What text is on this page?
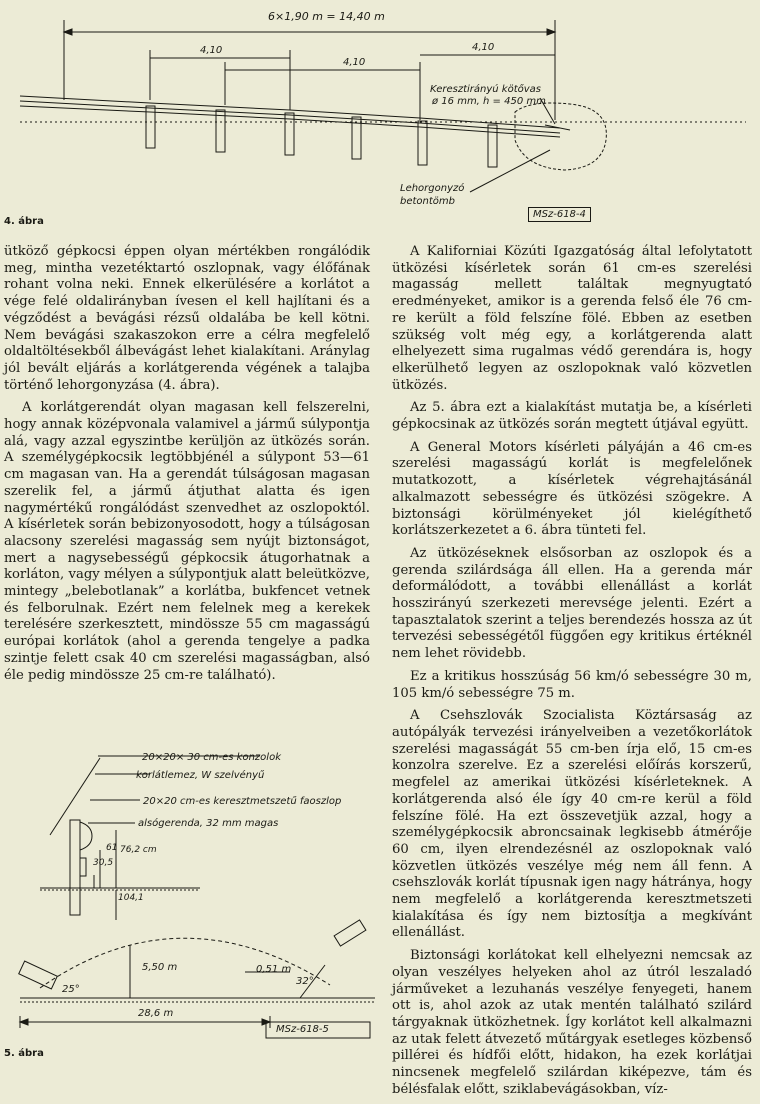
6×1,90 m = 14,40 m
4,10
4,10
4,10
Keresztirányú kötővas
ø 16 mm, h = 450 mm
Lehorgonyzó
betontömb
MSz-618-4
4. ábra

ütköző gépkocsi éppen olyan mértékben rongálódik meg, mintha vezetéktartó oszlopnak, vagy élőfának rohant volna neki. Ennek elkerülésére a korlátot a vége felé oldalirányban ívesen el kell hajlítani és a végződést a bevágási rézsű oldalába be kell kötni. Nem bevágási szakaszokon erre a célra megfelelő oldaltöltésekből álbevágást lehet kialakítani. Aránylag jól bevált eljárás a korlátgerenda végének a talajba történő lehorgonyzása (4. ábra).

A korlátgerendát olyan magasan kell felszerelni, hogy annak középvonala valamivel a jármű súlypontja alá, vagy azzal egyszintbe kerüljön az ütközés során. A személygépkocsik legtöbbjénél a súlypont 53—61 cm magasan van. Ha a gerendát túlságosan magasan szerelik fel, a jármű átjuthat alatta és igen nagymértékű rongálódást szenvedhet az oszlopoktól. A kísérletek során bebizonyosodott, hogy a túlságosan alacsony szerelési magasság sem nyújt biztonságot, mert a nagysebességű gépkocsik átugorhatnak a korláton, vagy mélyen a súlypontjuk alatt beleütközve, mintegy „belebotlanak” a korlátba, bukfencet vetnek és felborulnak. Ezért nem felelnek meg a kerekek terelésére szerkesztett, mindössze 55 cm magasságú európai korlátok (ahol a gerenda tengelye a padka szintje felett csak 40 cm szerelési magasságban, alsó éle pedig mindössze 25 cm-re található).

20×20× 30 cm-es konzolok
korlátlemez, W szelvényű
20×20 cm-es keresztmetszetű faoszlop
alsógerenda, 32 mm magas
61 76,2 cm
30,5
104,1
5,50 m	0,51 m
25°
32°
28,6 m
MSz-618-5
5. ábra

A Kaliforniai Közúti Igazgatóság által lefolytatott ütközési kísérletek során 61 cm-es szerelési magasság mellett találtak megnyugtató eredményeket, amikor is a gerenda felső éle 76 cm-re került a föld felszíne fölé. Ebben az esetben szükség volt még egy, a korlátgerenda alatt elhelyezett sima rugalmas védő gerendára is, hogy elkerülhető legyen az oszlopoknak való közvetlen ütközés.

Az 5. ábra ezt a kialakítást mutatja be, a kísérleti gépkocsinak az ütközés során megtett útjával együtt.

A General Motors kísérleti pályáján a 46 cm-es szerelési magasságú korlát is megfelelőnek mutatkozott, a kísérletek végrehajtásánál alkalmazott sebességre és ütközési szögekre. A biztonsági körülményeket jól kielégíthető korlátszerkezetet a 6. ábra tünteti fel.

Az ütközéseknek elsősorban az oszlopok és a gerenda szilárdsága áll ellen. Ha a gerenda már deformálódott, a további ellenállást a korlát hosszirányú szerkezeti merevsége jelenti. Ezért a tapasztalatok szerint a teljes berendezés hossza az út tervezési sebességétől függően egy kritikus értéknél nem lehet rövidebb.

Ez a kritikus hosszúság 56 km/ó sebességre 30 m, 105 km/ó sebességre 75 m.

A Csehszlovák Szocialista Köztársaság az autópályák tervezési irányelveiben a vezetőkorlátok szerelési magasságát 55 cm-ben írja elő, 15 cm-es konzolra szerelve. Ez a szerelési előírás korszerű, megfelel az amerikai ütközési kísérleteknek. A korlátgerenda alsó éle így 40 cm-re kerül a föld felszíne fölé. Ha ezt összevetjük azzal, hogy a személygépkocsik abroncsainak legkisebb átmérője 60 cm, ilyen elrendezésnél az oszlopoknak való közvetlen ütközés veszélye még nem áll fenn. A csehszlovák korlát típusnak igen nagy hátránya, hogy nem megfelelő a korlátgerenda keresztmetszeti kialakítása és így nem biztosítja a megkívánt ellenállást.

Biztonsági korlátokat kell elhelyezni nemcsak az olyan veszélyes helyeken ahol az útról leszaladó járműveket a lezuhanás veszélye fenyegeti, hanem ott is, ahol azok az utak mentén található szilárd tárgyaknak ütközhetnek. Így korlátot kell alkalmazni az utak felett átvezető műtárgyak esetleges közbenső pillérei és hídfői előtt, hidakon, ha ezek korlátjai nincsenek megfelelő szilárdan kiképezve, tám és bélésfalak előtt, sziklabevágásokban, víz-
